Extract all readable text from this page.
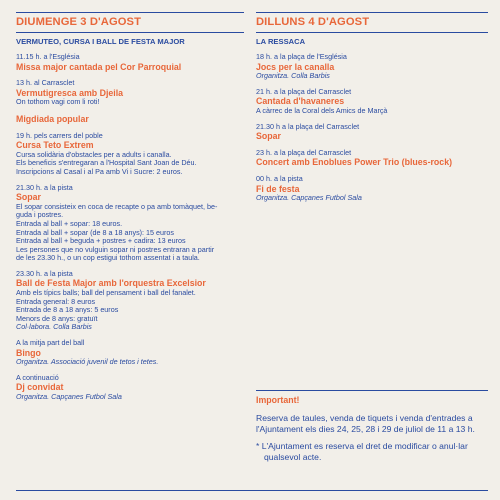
DIUMENGE 3 D'AGOST
VERMUTEO, CURSA I BALL DE FESTA MAJOR
11.15 h. a l'Església
Missa major cantada pel Cor Parroquial
13 h. al Carrasclet
Vermutigresca amb Djeila
On tothom vagi com li roti!
Migdiada popular
19 h. pels carrers del poble
Cursa Teto Extrem
Cursa solidària d'obstacles per a adults i canalla.
Els beneficis s'entregaran a l'Hospital Sant Joan de Déu.
Inscripcions al Casal i al Pa amb Vi i Sucre: 2 euros.
21.30 h. a la pista
Sopar
El sopar consisteix en coca de recapte o pa amb tomàquet, be-
guda i postres.
Entrada al ball + sopar: 18 euros.
Entrada al ball + sopar (de 8 a 18 anys): 15 euros
Entrada al ball + beguda + postres + cadira: 13 euros
Les persones que no vulguin sopar ni postres entraran a partir
de les 23.30 h., o un cop estigui tothom assentat i a taula.
23.30 h. a la pista
Ball de Festa Major amb l'orquestra Excelsior
Amb els típics balls; ball del pensament i ball del fanalet.
Entrada general: 8 euros
Entrada de 8 a 18 anys: 5 euros
Menors de 8 anys: gratuït
Col·labora. Colla Barbis
A la mitja part del ball
Bingo
Organitza. Associació juvenil de tetos i tetes.
A continuació
Dj convidat
Organitza. Capçanes Futbol Sala
DILLUNS 4 D'AGOST
LA RESSACA
18 h. a la plaça de l'Església
Jocs per la canalla
Organitza. Colla Barbis
21 h. a la plaça del Carrasclet
Cantada d'havaneres
A càrrec de la Coral dels Amics de Marçà
21.30 h a la plaça del Carrasclet
Sopar
23 h. a la plaça del Carrasclet
Concert amb Enoblues Power Trio (blues-rock)
00 h. a la pista
Fi de festa
Organitza. Capçanes Futbol Sala
Important!
Reserva de taules, venda de tiquets i venda d'entrades a l'Ajuntament els dies 24, 25, 28 i 29 de juliol de 11 a 13 h.
* L'Ajuntament es reserva el dret de modificar o anul·lar qualsevol acte.
